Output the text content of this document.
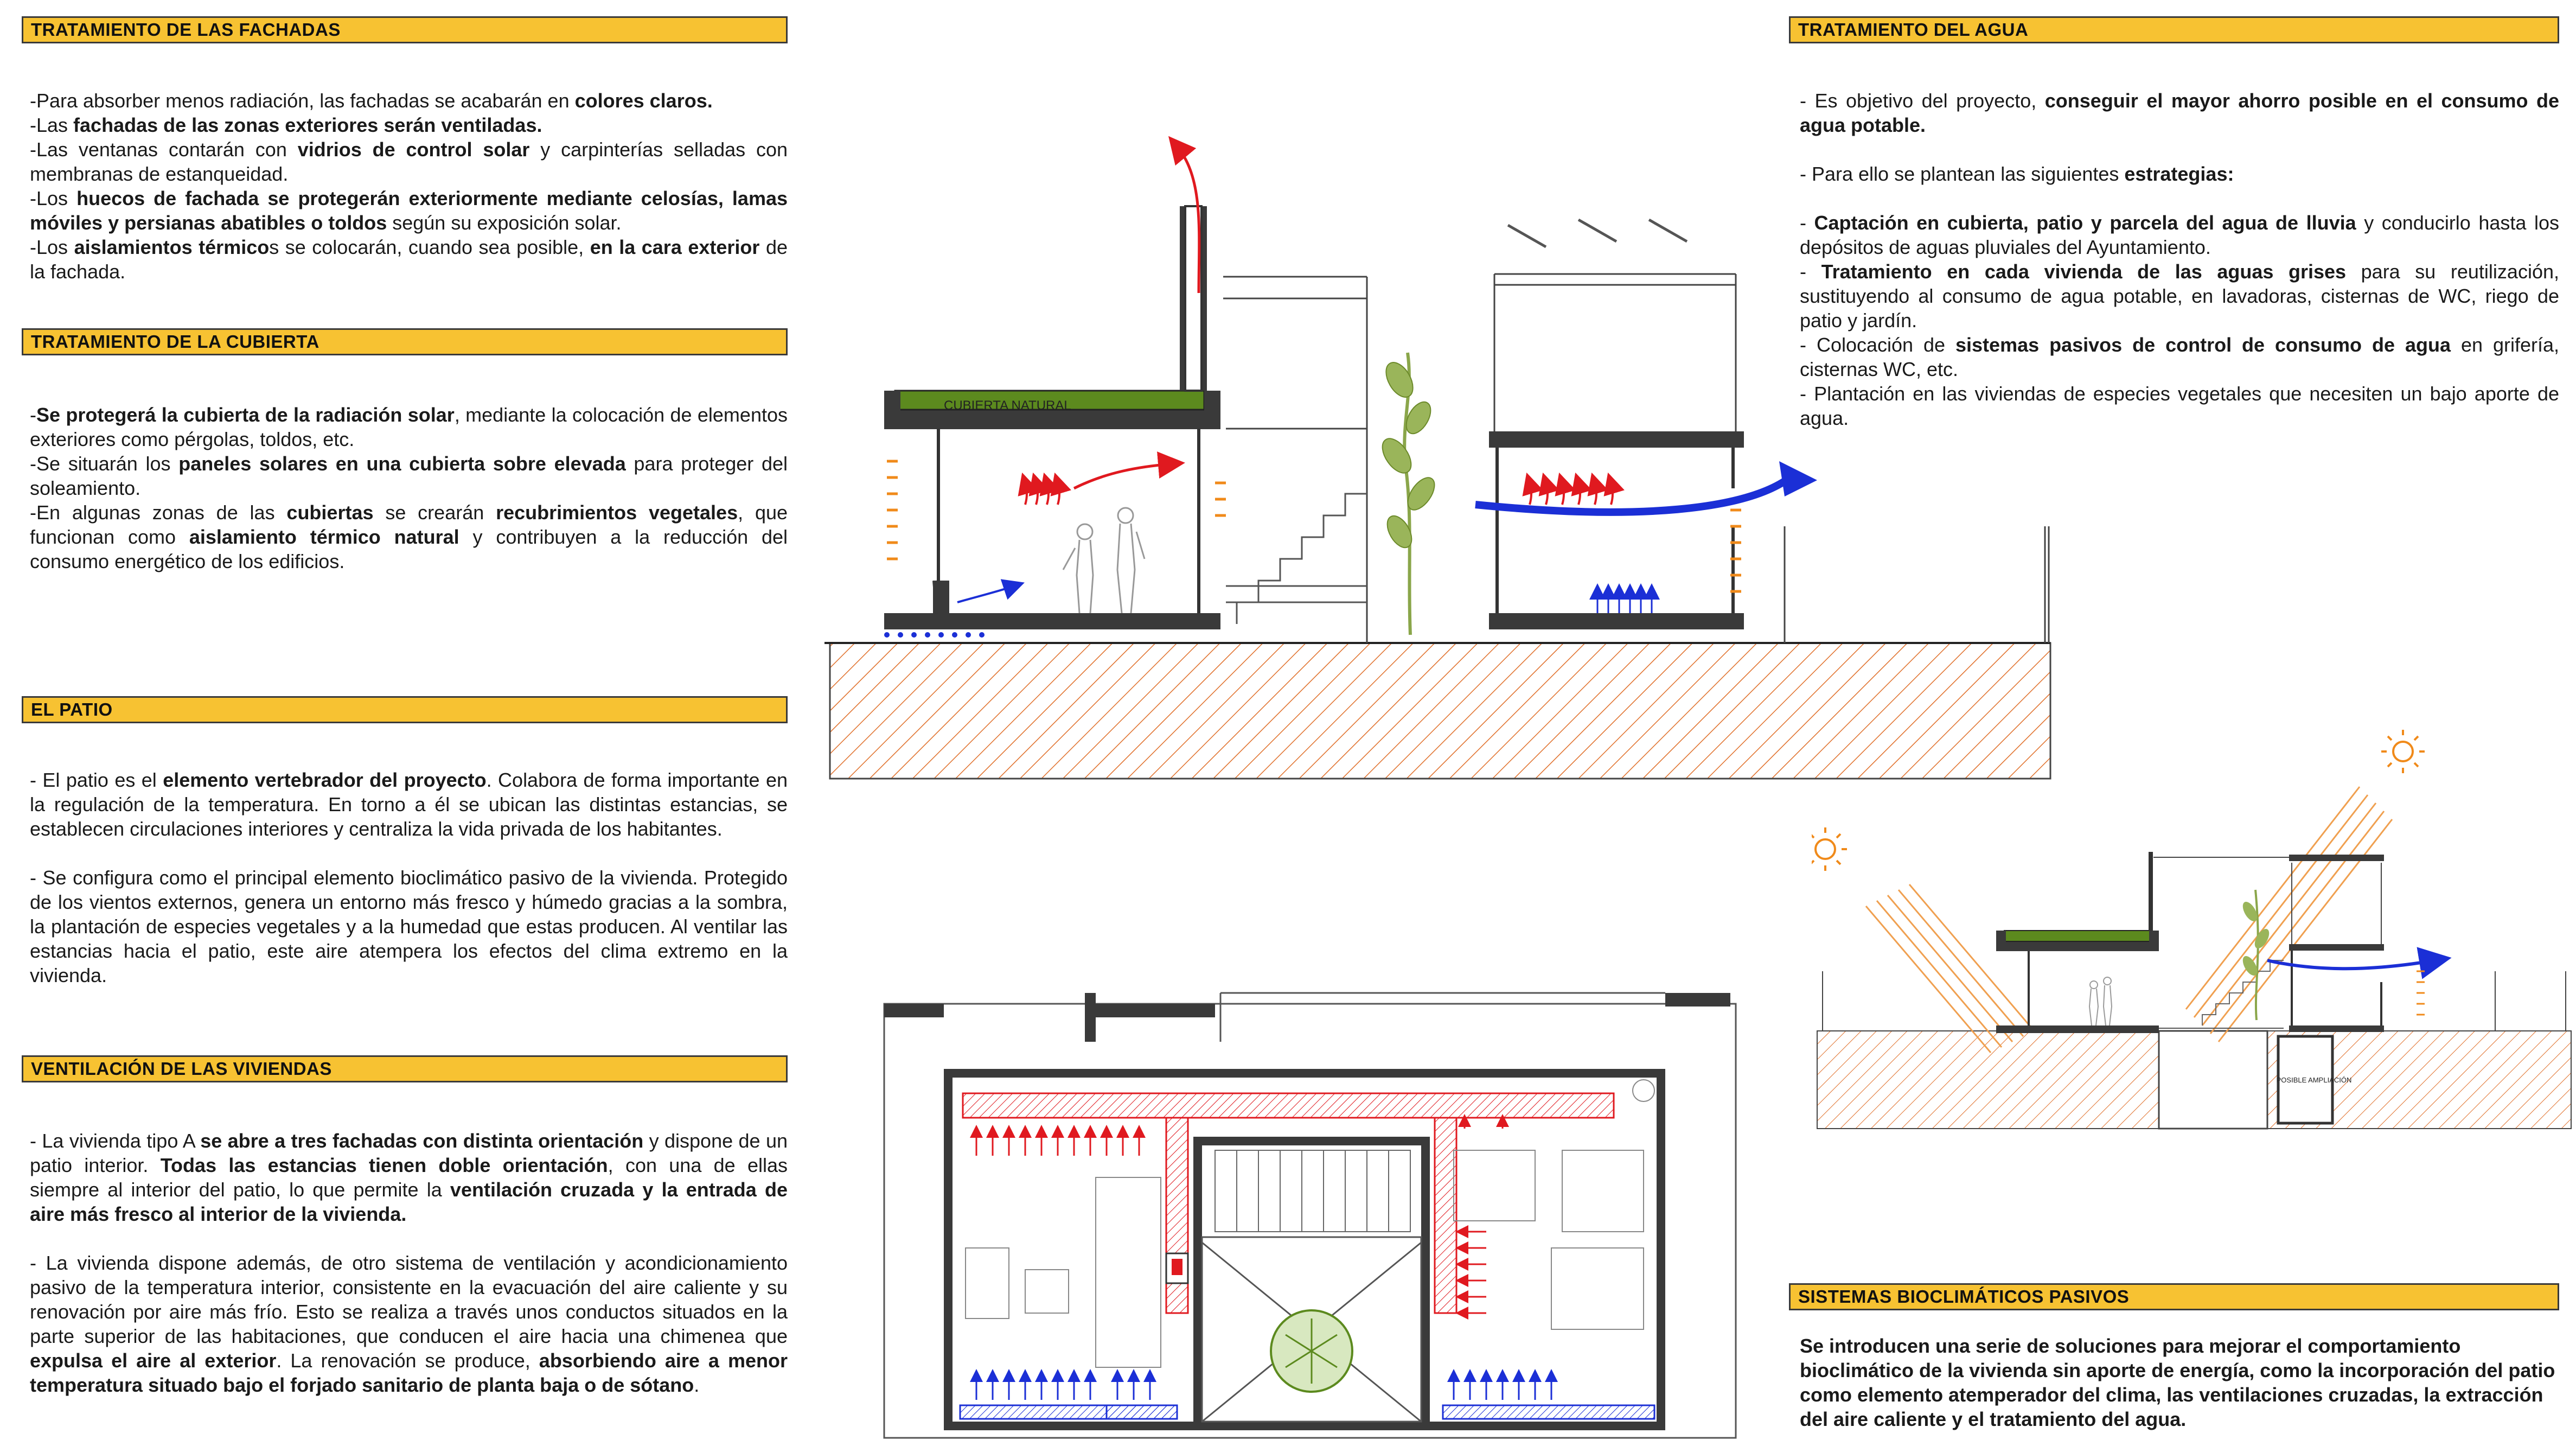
TRATAMIENTO DE LAS FACHADAS
-Para absorber menos radiación, las fachadas se acabarán en colores claros.
-Las fachadas de las zonas exteriores serán ventiladas.
-Las ventanas contarán con vidrios de control solar y carpinterías selladas con membranas de estanqueidad.
-Los huecos de fachada se protegerán exteriormente mediante celosías, lamas móviles y persianas abatibles o toldos según su exposición solar.
-Los aislamientos térmicos se colocarán, cuando sea posible, en la cara exterior de la fachada.
TRATAMIENTO DE LA CUBIERTA
-Se protegerá la cubierta de la radiación solar, mediante la colocación de elementos exteriores como pérgolas, toldos, etc.
-Se situarán los paneles solares en una cubierta sobre elevada para proteger del soleamiento.
-En algunas zonas de las cubiertas se crearán recubrimientos vegetales, que funcionan como aislamiento térmico natural y contribuyen a la reducción del consumo energético de los edificios.
EL PATIO
- El patio es el elemento vertebrador del proyecto. Colabora de forma importante en la regulación de la temperatura. En torno a él se ubican las distintas estancias, se establecen circulaciones interiores y centraliza la vida privada de los habitantes.
- Se configura como el principal elemento bioclimático pasivo de la vivienda. Protegido de los vientos externos, genera un entorno más fresco y húmedo gracias a la sombra, la plantación de especies vegetales y a la humedad que estas producen. Al ventilar las estancias hacia el patio, este aire atempera los efectos del clima extremo en la vivienda.
VENTILACIÓN DE LAS VIVIENDAS
- La vivienda tipo A se abre a tres fachadas con distinta orientación y dispone de un patio interior. Todas las estancias tienen doble orientación, con una de ellas siempre al interior del patio, lo que permite la ventilación cruzada y la entrada de aire más fresco al interior de la vivienda.
- La vivienda dispone además, de otro sistema de ventilación y acondicionamiento pasivo de la temperatura interior, consistente en la evacuación del aire caliente y su renovación por aire más frío. Esto se realiza a través unos conductos situados en la parte superior de las habitaciones, que conducen el aire hacia una chimenea que expulsa el aire al exterior. La renovación se produce, absorbiendo aire a menor temperatura situado bajo el forjado sanitario de planta baja o de sótano.
TRATAMIENTO DEL AGUA
- Es objetivo del proyecto, conseguir el mayor ahorro posible en el consumo de agua potable.
- Para ello se plantean las siguientes estrategias:
- Captación en cubierta, patio y parcela del agua de lluvia y conducirlo hasta los depósitos de aguas pluviales del Ayuntamiento.
- Tratamiento en cada vivienda de las aguas grises para su reutilización, sustituyendo al consumo de agua potable, en lavadoras, cisternas de WC, riego de patio y jardín.
- Colocación de sistemas pasivos de control de consumo de agua en grifería, cisternas WC, etc.
- Plantación en las viviendas de especies vegetales que necesiten un bajo aporte de agua.
SISTEMAS BIOCLIMÁTICOS PASIVOS
Se introducen una serie de soluciones para mejorar el comportamiento bioclimático de la vivienda sin aporte de energía, como la incorporación del patio como elemento atemperador del clima, las ventilaciones cruzadas, la extracción del aire caliente y el tratamiento del agua.
CUBIERTA NATURAL
POSIBLE AMPLIACIÓN
